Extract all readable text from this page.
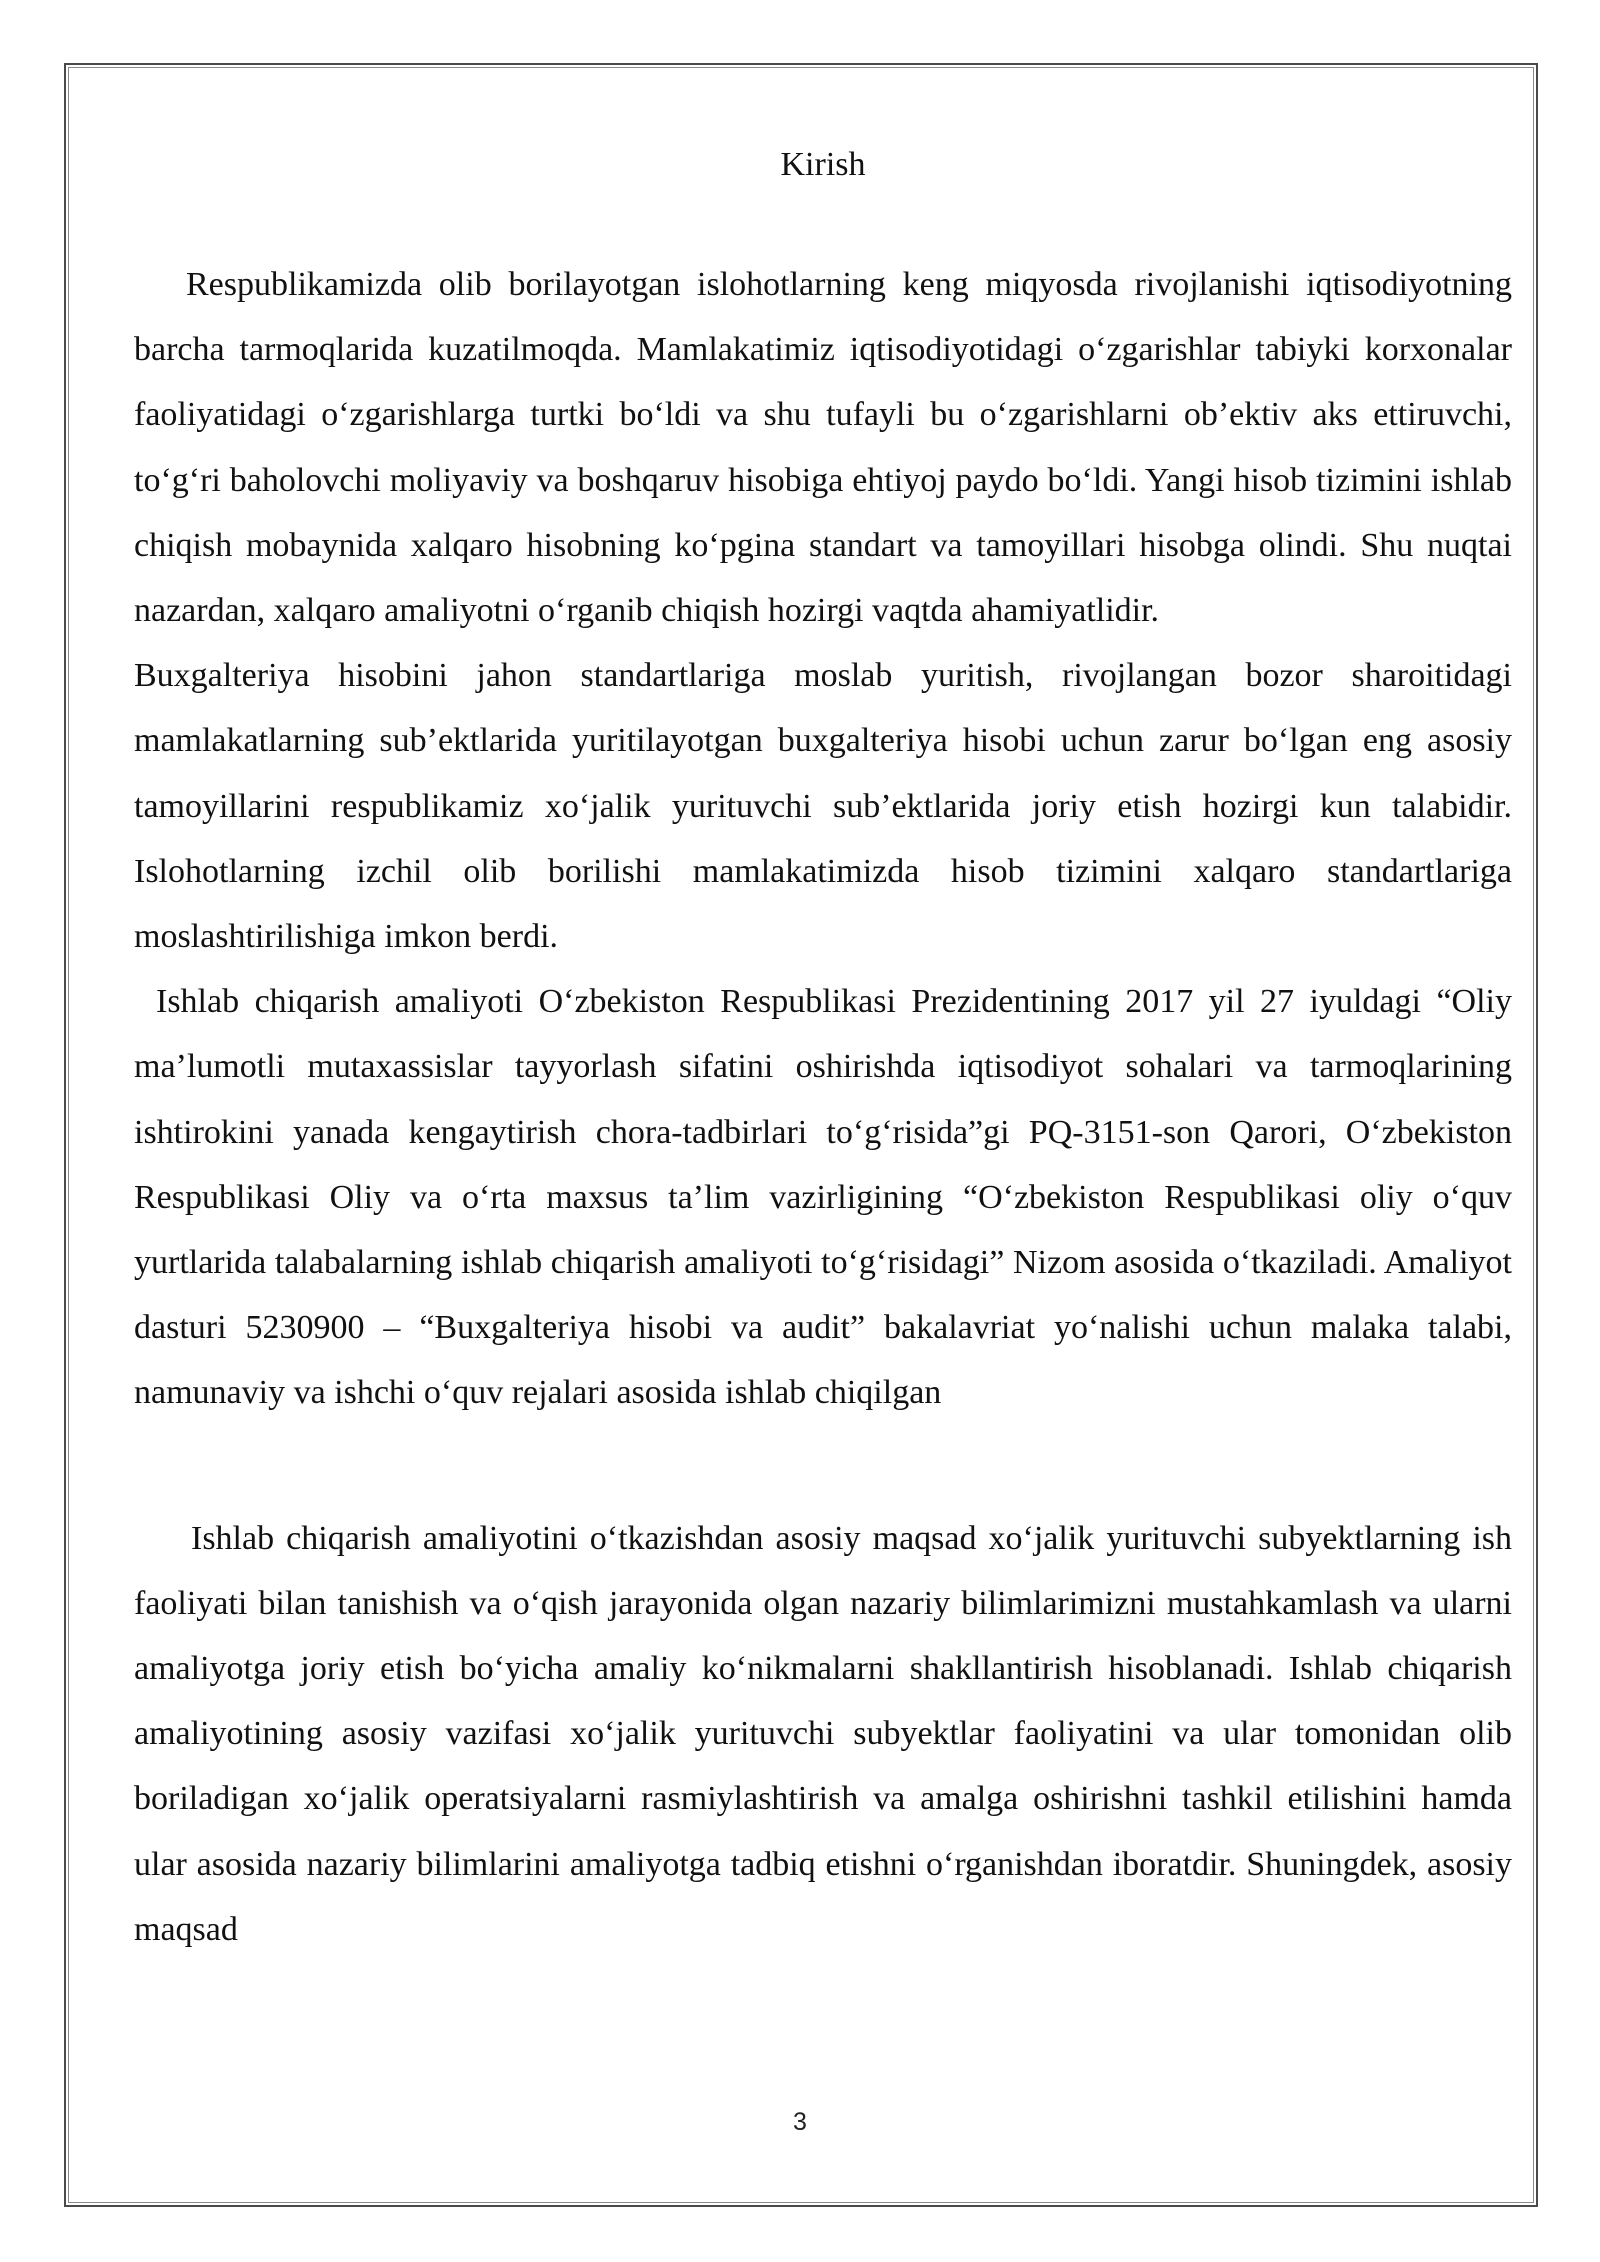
Kirish

Respublikamizda olib borilayotgan islohotlarning keng miqyosda rivojlanishi iqtisodiyotning barcha tarmoqlarida kuzatilmoqda. Mamlakatimiz iqtisodiyotidagi o‘zgarishlar tabiyki korxonalar faoliyatidagi o‘zgarishlarga turtki bo‘ldi va shu tufayli bu o‘zgarishlarni ob’ektiv aks ettiruvchi, to‘g‘ri baholovchi moliyaviy va boshqaruv hisobiga ehtiyoj paydo bo‘ldi. Yangi hisob tizimini ishlab chiqish mobaynida xalqaro hisobning ko‘pgina standart va tamoyillari hisobga olindi. Shu nuqtai nazardan, xalqaro amaliyotni o‘rganib chiqish hozirgi vaqtda ahamiyatlidir.

Buxgalteriya hisobini jahon standartlariga moslab yuritish, rivojlangan bozor sharoitidagi mamlakatlarning sub’ektlarida yuritilayotgan buxgalteriya hisobi uchun zarur bo‘lgan eng asosiy tamoyillarini respublikamiz xo‘jalik yurituvchi sub’ektlarida joriy etish hozirgi kun talabidir. Islohotlarning izchil olib borilishi mamlakatimizda hisob tizimini xalqaro standartlariga moslashtirilishiga imkon berdi.

Ishlab chiqarish amaliyoti O‘zbekiston Respublikasi Prezidentining 2017 yil 27 iyuldagi “Oliy ma’lumotli mutaxassislar tayyorlash sifatini oshirishda iqtisodiyot sohalari va tarmoqlarining ishtirokini yanada kengaytirish chora-tadbirlari to‘g‘risida”gi PQ-3151-son Qarori, O‘zbekiston Respublikasi Oliy va o‘rta maxsus ta’lim vazirligining “O‘zbekiston Respublikasi oliy o‘quv yurtlarida talabalarning ishlab chiqarish amaliyoti to‘g‘risidagi” Nizom asosida o‘tkaziladi. Amaliyot dasturi 5230900 – “Buxgalteriya hisobi va audit” bakalavriat yo‘nalishi uchun malaka talabi, namunaviy va ishchi o‘quv rejalari asosida ishlab chiqilgan

Ishlab chiqarish amaliyotini o‘tkazishdan asosiy maqsad xo‘jalik yurituvchi subyektlarning ish faoliyati bilan tanishish va o‘qish jarayonida olgan nazariy bilimlarimizni mustahkamlash va ularni amaliyotga joriy etish bo‘yicha amaliy ko‘nikmalarni shakllantirish hisoblanadi. Ishlab chiqarish amaliyotining asosiy vazifasi xo‘jalik yurituvchi subyektlar faoliyatini va ular tomonidan olib boriladigan xo‘jalik operatsiyalarni rasmiylashtirish va amalga oshirishni tashkil etilishini hamda ular asosida nazariy bilimlarini amaliyotga tadbiq etishni o‘rganishdan iboratdir. Shuningdek, asosiy maqsad

3
